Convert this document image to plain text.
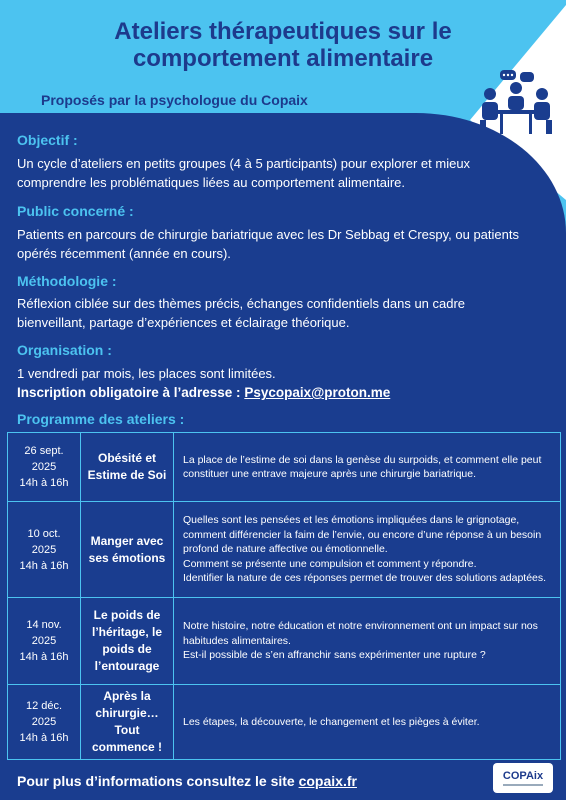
Ateliers thérapeutiques sur le comportement alimentaire
Proposés par la psychologue du Copaix
Objectif :
Un cycle d’ateliers en petits groupes (4 à 5 participants) pour explorer et mieux comprendre les problématiques liées au comportement alimentaire.
Public concerné :
Patients en parcours de chirurgie bariatrique avec les Dr Sebbag et Crespy, ou patients opérés récemment (année en cours).
Méthodologie :
Réflexion ciblée sur des thèmes précis, échanges confidentiels dans un cadre bienveillant, partage d’expériences et éclairage théorique.
Organisation :
1 vendredi par mois, les places sont limitées.
Inscription obligatoire à l’adresse : Psycopaix@proton.me
Programme des ateliers :
26 sept.
2025
14h à 16h
Obésité et Estime de Soi
La place de l’estime de soi dans la genèse du surpoids, et comment elle peut constituer une entrave majeure après une chirurgie bariatrique.
10 oct.
2025
14h à 16h
Manger avec ses émotions
Quelles sont les pensées et les émotions impliquées dans le grignotage, comment différencier la faim de l’envie, ou encore d’une réponse à un besoin profond de nature affective ou émotionnelle.
Comment se présente une compulsion et comment y répondre.
Identifier la nature de ces réponses permet de trouver des solutions adaptées.
14 nov.
2025
14h à 16h
Le poids de l’héritage, le poids de l’entourage
Notre histoire, notre éducation et notre environnement ont un impact sur nos habitudes alimentaires.
Est-il possible de s’en affranchir sans expérimenter une rupture ?
12 déc.
2025
14h à 16h
Après la chirurgie… Tout commence !
Les étapes, la découverte, le changement et les pièges à éviter.
Pour plus d’informations consultez le site copaix.fr	COPAix
